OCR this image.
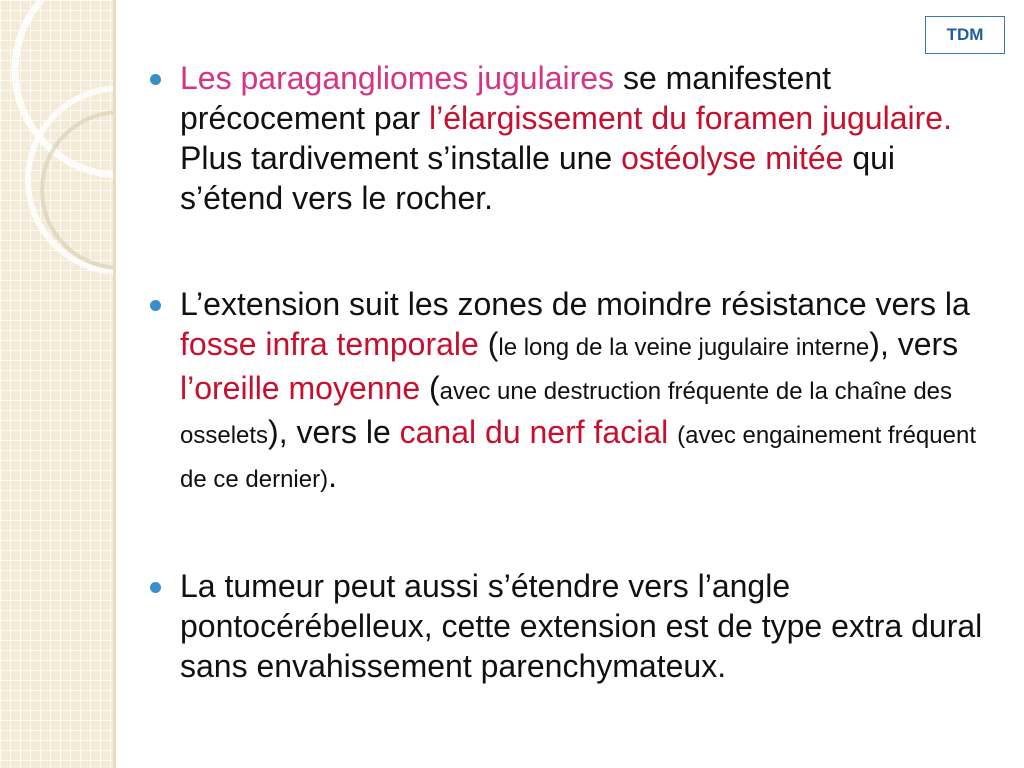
TDM
Les paragangliomes jugulaires se manifestent précocement par l’élargissement du foramen jugulaire. Plus tardivement s’installe une ostéolyse mitée qui s’étend vers le rocher.
L’extension suit les zones de moindre résistance vers la fosse infra temporale (le long de la veine jugulaire interne), vers l’oreille moyenne (avec une destruction fréquente de la chaîne des osselets), vers le canal du nerf facial (avec engainement fréquent de ce dernier).
La tumeur peut aussi s’étendre vers l’angle pontocérébelleux, cette extension est de type extra dural sans envahissement parenchymateux.
